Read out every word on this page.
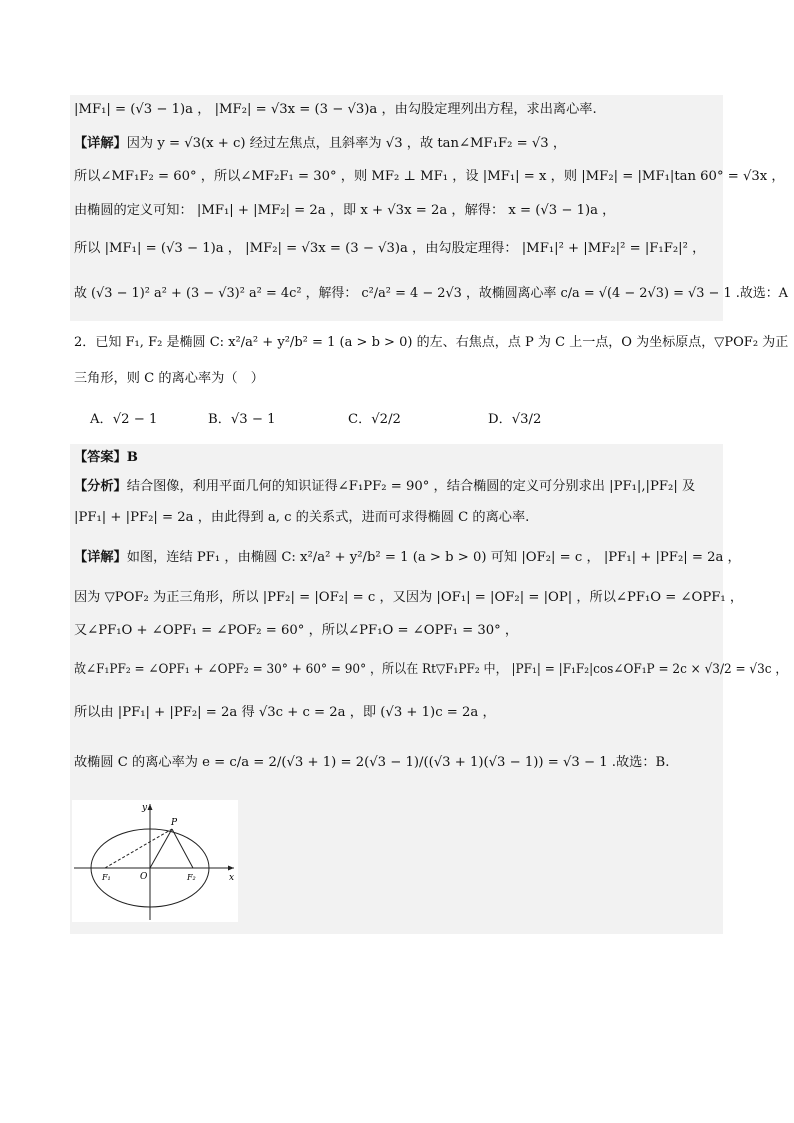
|MF₁| = (√3 − 1)a ， |MF₂| = √3x = (3 − √3)a ，由勾股定理列出方程，求出离心率.
【详解】因为 y = √3(x + c) 经过左焦点，且斜率为 √3 ，故 tan∠MF₁F₂ = √3 ，
所以∠MF₁F₂ = 60° ，所以∠MF₂F₁ = 30° ，则 MF₂ ⊥ MF₁ ，设 |MF₁| = x ，则 |MF₂| = |MF₁|tan 60° = √3x ，
由椭圆的定义可知： |MF₁| + |MF₂| = 2a ，即 x + √3x = 2a ，解得： x = (√3 − 1)a ，
所以 |MF₁| = (√3 − 1)a ， |MF₂| = √3x = (3 − √3)a ，由勾股定理得： |MF₁|² + |MF₂|² = |F₁F₂|² ，
故 (√3 − 1)² a² + (3 − √3)² a² = 4c² ，解得： c²/a² = 4 − 2√3 ，故椭圆离心率 c/a = √(4 − 2√3) = √3 − 1 .故选：A
2．已知 F₁, F₂ 是椭圆 C: x²/a² + y²/b² = 1 (a > b > 0) 的左、右焦点，点 P 为 C 上一点，O 为坐标原点，▽POF₂ 为正
三角形，则 C 的离心率为（　）
A．√2 − 1	B．√3 − 1	C．√2/2	D．√3/2
【答案】B
【分析】结合图像，利用平面几何的知识证得∠F₁PF₂ = 90° ，结合椭圆的定义可分别求出 |PF₁|,|PF₂| 及
|PF₁| + |PF₂| = 2a ，由此得到 a, c 的关系式，进而可求得椭圆 C 的离心率.
【详解】如图，连结 PF₁ ，由椭圆 C: x²/a² + y²/b² = 1 (a > b > 0) 可知 |OF₂| = c ， |PF₁| + |PF₂| = 2a ，
因为 ▽POF₂ 为正三角形，所以 |PF₂| = |OF₂| = c ，又因为 |OF₁| = |OF₂| = |OP| ，所以∠PF₁O = ∠OPF₁ ，
又∠PF₁O + ∠OPF₁ = ∠POF₂ = 60° ，所以∠PF₁O = ∠OPF₁ = 30° ，
故∠F₁PF₂ = ∠OPF₁ + ∠OPF₂ = 30° + 60° = 90° ，所以在 Rt▽F₁PF₂ 中， |PF₁| = |F₁F₂|cos∠OF₁P = 2c × √3/2 = √3c ，
所以由 |PF₁| + |PF₂| = 2a 得 √3c + c = 2a ，即 (√3 + 1)c = 2a ，
故椭圆 C 的离心率为 e = c/a = 2/(√3 + 1) = 2(√3 − 1)/((√3 + 1)(√3 − 1)) = √3 − 1 .故选：B.
y
x
P
O
F₁	F₂
